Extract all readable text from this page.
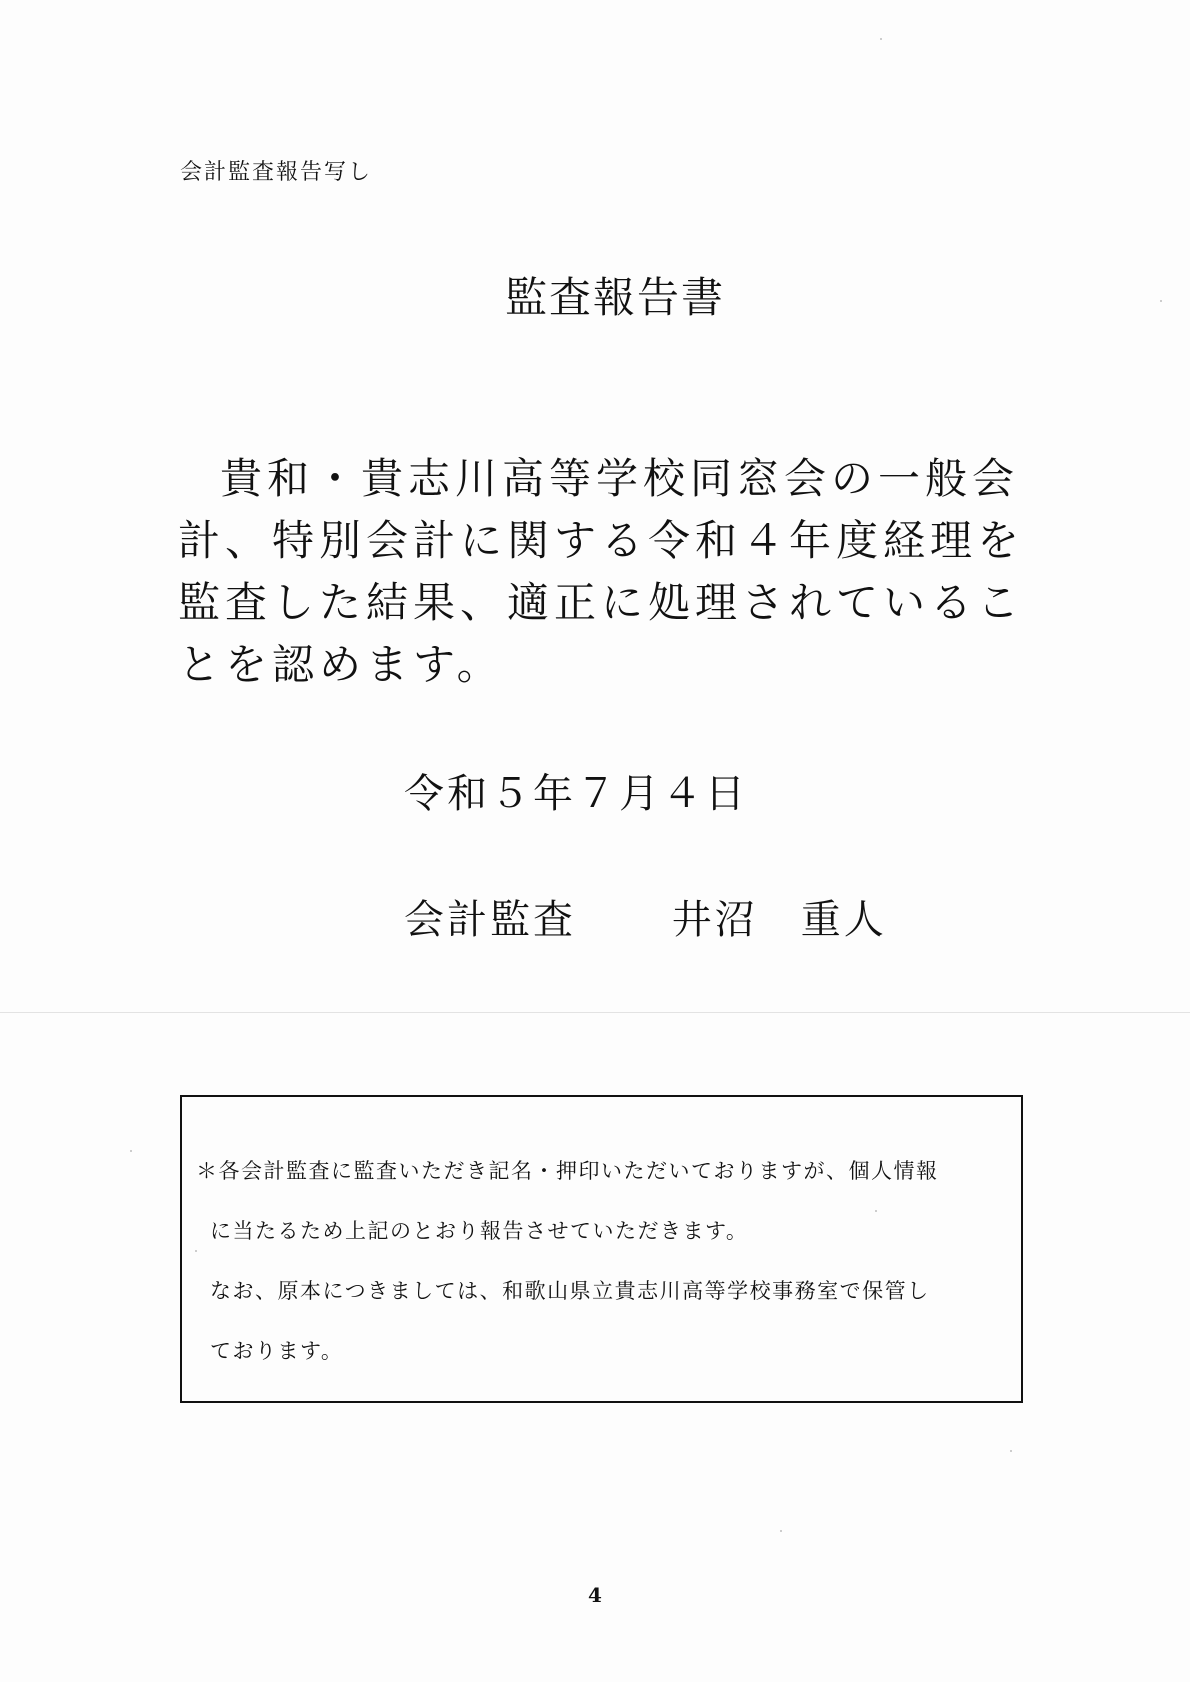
会計監査報告写し
監査報告書

貴和・貴志川高等学校同窓会の一般会計、特別会計に関する令和４年度経理を監査した結果、適正に処理されていることを認めます。

令和５年７月４日
会計監査 井沼　重人
＊各会計監査に監査いただき記名・押印いただいておりますが、個人情報
に当たるため上記のとおり報告させていただきます。
なお、原本につきましては、和歌山県立貴志川高等学校事務室で保管し
ております。
4
